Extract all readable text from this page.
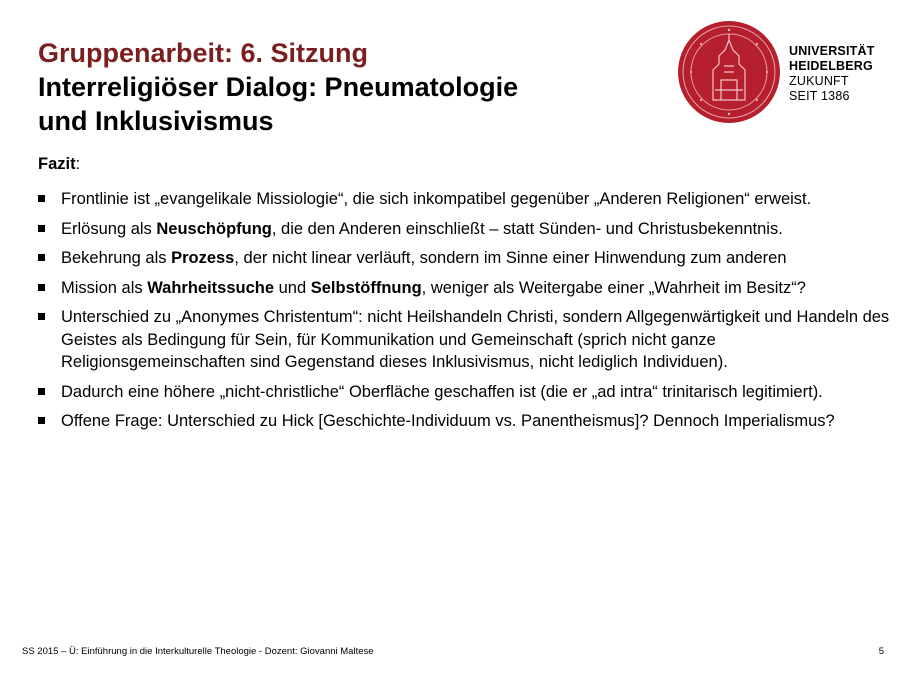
Gruppenarbeit: 6. Sitzung
Interreligiöser Dialog: Pneumatologie
und Inklusivismus
UNIVERSITÄT
HEIDELBERG
ZUKUNFT
SEIT 1386

Fazit:

Frontlinie ist „evangelikale Missiologie“, die sich inkompatibel gegenüber „Anderen Religionen“ erweist.
Erlösung als Neuschöpfung, die den Anderen einschließt – statt Sünden- und Christusbekenntnis.
Bekehrung als Prozess, der nicht linear verläuft, sondern im Sinne einer Hinwendung zum anderen
Mission als Wahrheitssuche und Selbstöffnung, weniger als Weitergabe einer „Wahrheit im Besitz“?
Unterschied zu „Anonymes Christentum“: nicht Heilshandeln Christi, sondern Allgegenwärtigkeit und Handeln des Geistes als Bedingung für Sein, für Kommunikation und Gemeinschaft (sprich nicht ganze Religionsgemeinschaften sind Gegenstand dieses Inklusivismus, nicht lediglich Individuen).
Dadurch eine höhere „nicht-christliche“ Oberfläche geschaffen ist (die er „ad intra“ trinitarisch legitimiert).
Offene Frage: Unterschied zu Hick [Geschichte-Individuum vs. Panentheismus]? Dennoch Imperialismus?
SS 2015 – Ü: Einführung in die Interkulturelle Theologie - Dozent: Giovanni Maltese	5
